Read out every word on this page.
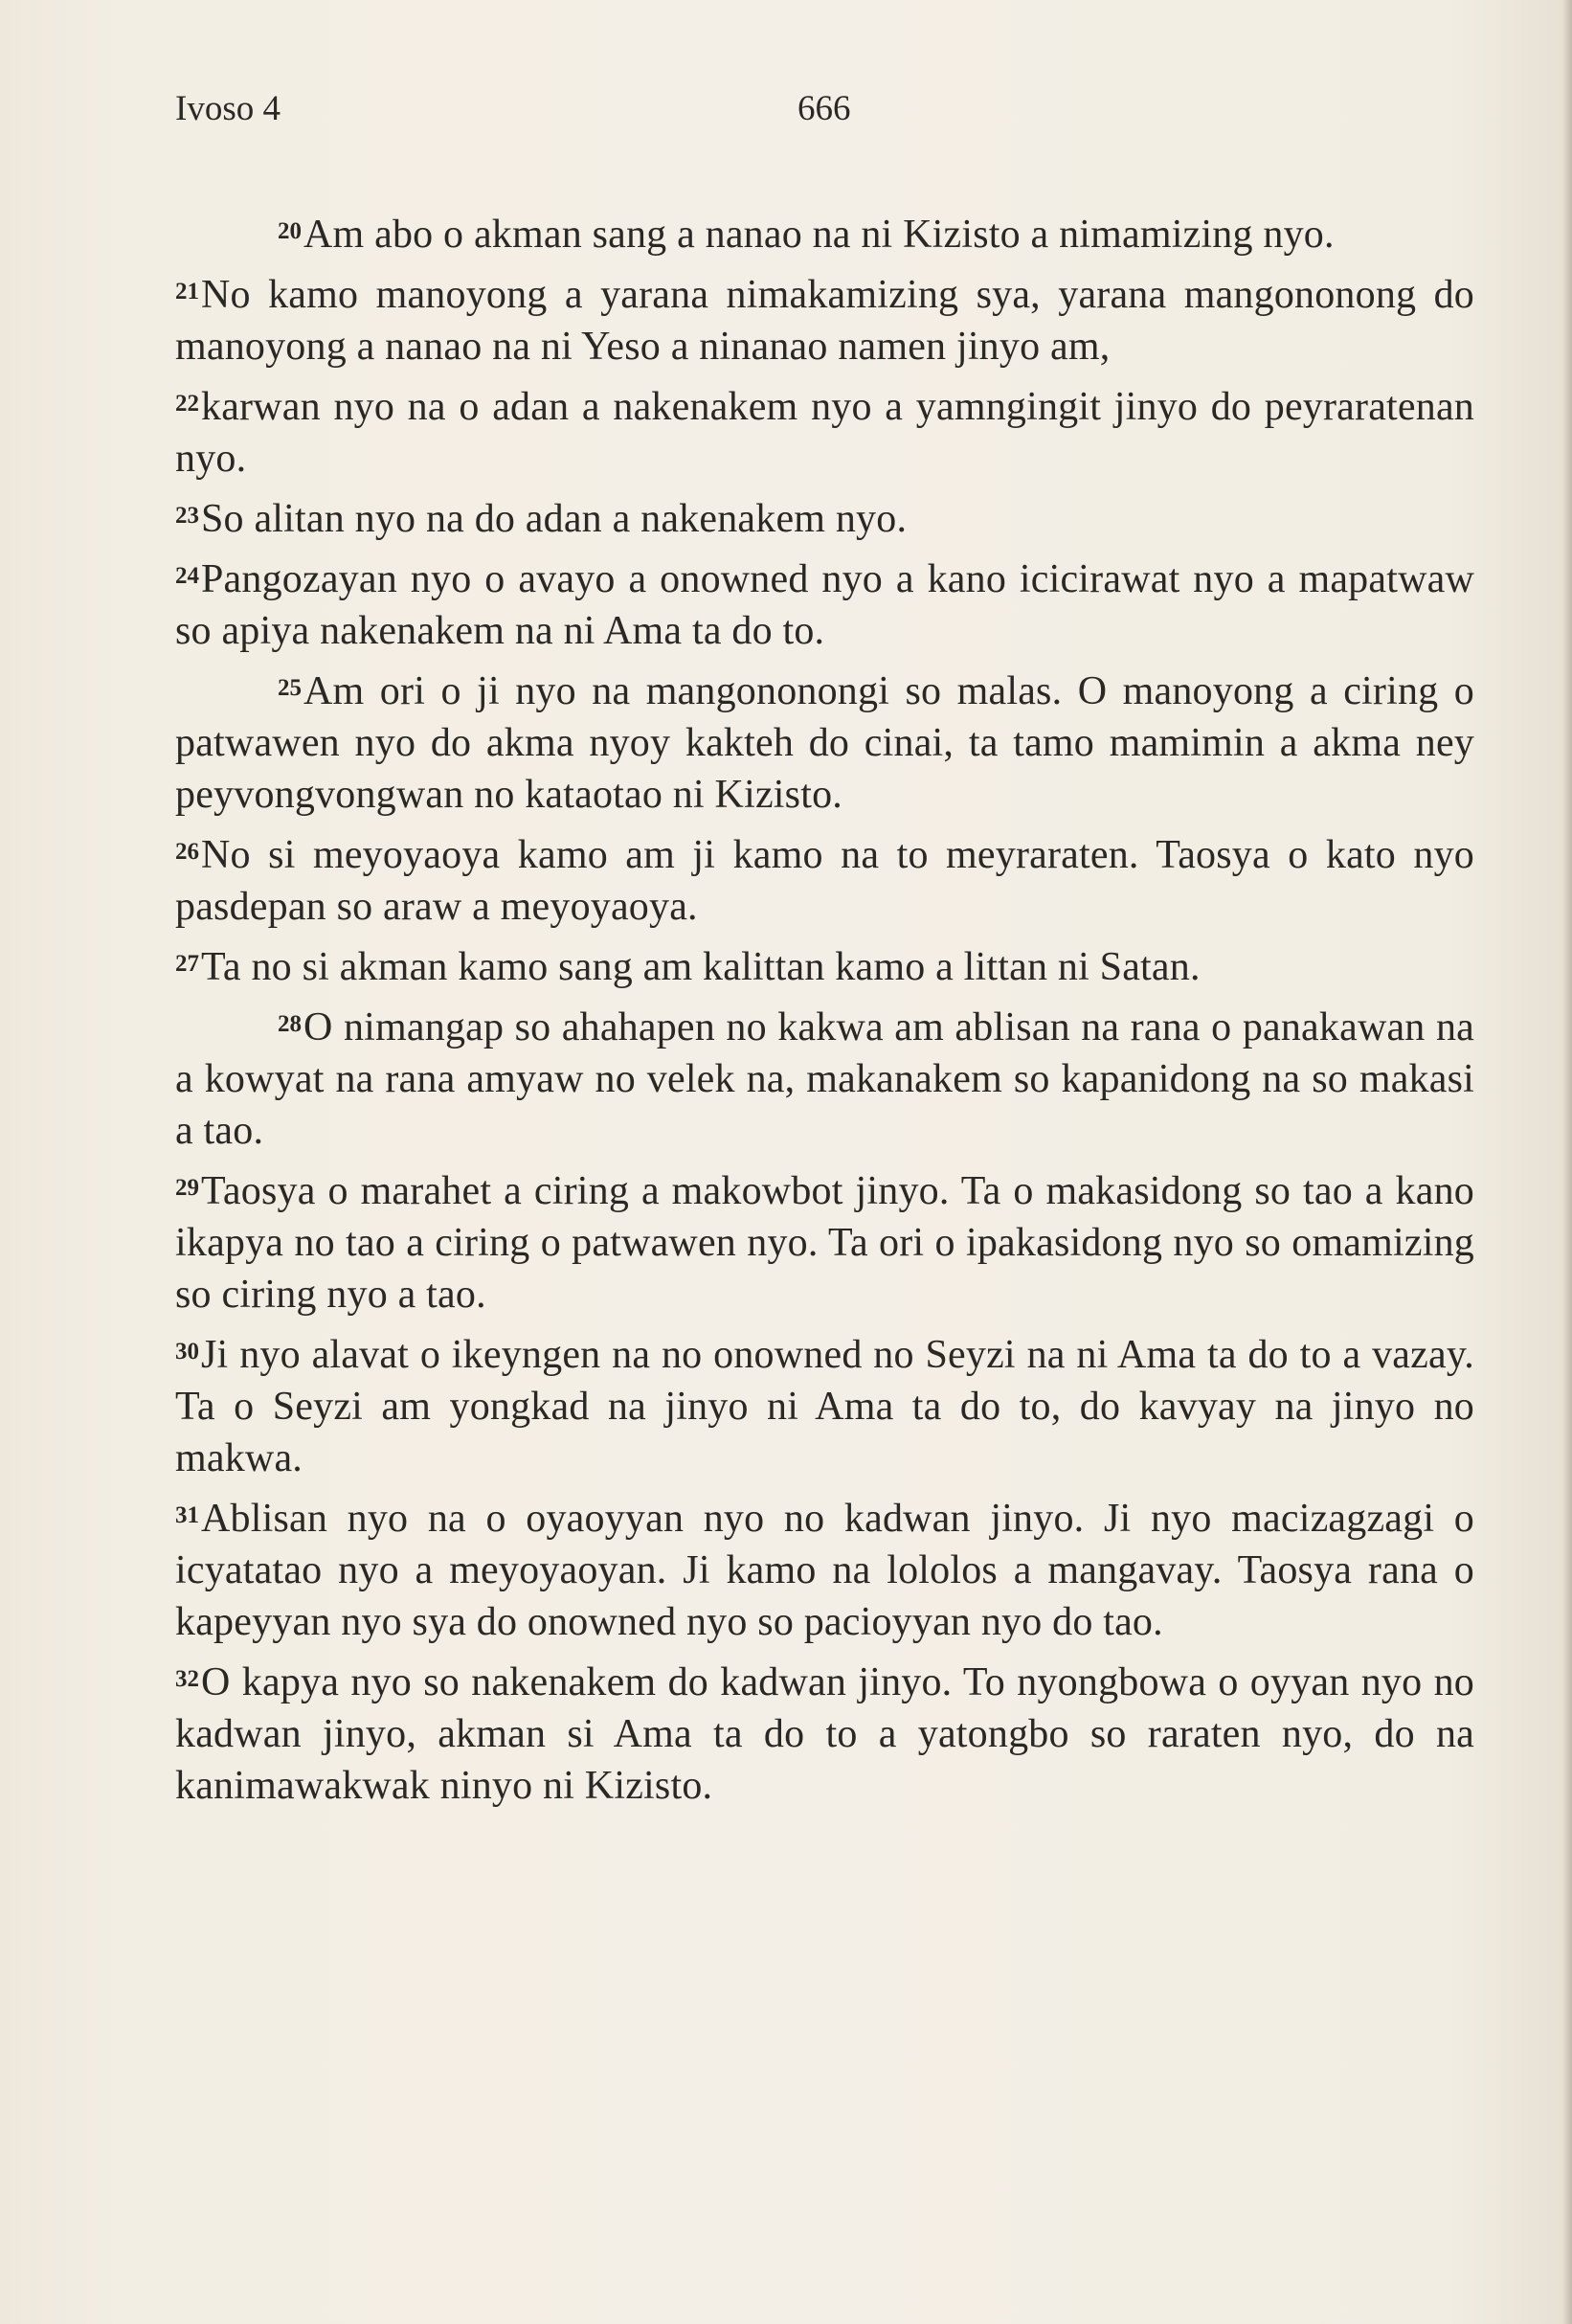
Ivoso 4	666

$^{20}$Am abo o akman sang a nanao na ni Kizisto a nimamizing nyo.

$^{21}$No kamo manoyong a yarana nimakamizing sya, yarana mangononong do manoyong a nanao na ni Yeso a ninanao namen jinyo am,

$^{22}$karwan nyo na o adan a nakenakem nyo a yamngingit jinyo do peyraratenan nyo.

$^{23}$So alitan nyo na do adan a nakenakem nyo.

$^{24}$Pangozayan nyo o avayo a onowned nyo a kano icicirawat nyo a mapatwaw so apiya nakenakem na ni Ama ta do to.

$^{25}$Am ori o ji nyo na mangononongi so malas. O manoyong a ciring o patwawen nyo do akma nyoy kakteh do cinai, ta tamo mamimin a akma ney peyvongvongwan no kataotao ni Kizisto.

$^{26}$No si meyoyaoya kamo am ji kamo na to meyraraten. Taosya o kato nyo pasdepan so araw a meyoyaoya.

$^{27}$Ta no si akman kamo sang am kalittan kamo a littan ni Satan.

$^{28}$O nimangap so ahahapen no kakwa am ablisan na rana o panakawan na a kowyat na rana amyaw no velek na, makanakem so kapanidong na so makasi a tao.

$^{29}$Taosya o marahet a ciring a makowbot jinyo. Ta o makasidong so tao a kano ikapya no tao a ciring o patwawen nyo. Ta ori o ipakasidong nyo so omamizing so ciring nyo a tao.

$^{30}$Ji nyo alavat o ikeyngen na no onowned no Seyzi na ni Ama ta do to a vazay. Ta o Seyzi am yongkad na jinyo ni Ama ta do to, do kavyay na jinyo no makwa.

$^{31}$Ablisan nyo na o oyaoyyan nyo no kadwan jinyo. Ji nyo macizagzagi o icyatatao nyo a meyoyaoyan. Ji kamo na lololos a mangavay. Taosya rana o kapeyyan nyo sya do onowned nyo so pacioyyan nyo do tao.

$^{32}$O kapya nyo so nakenakem do kadwan jinyo. To nyongbowa o oyyan nyo no kadwan jinyo, akman si Ama ta do to a yatongbo so raraten nyo, do na kanimawakwak ninyo ni Kizisto.
